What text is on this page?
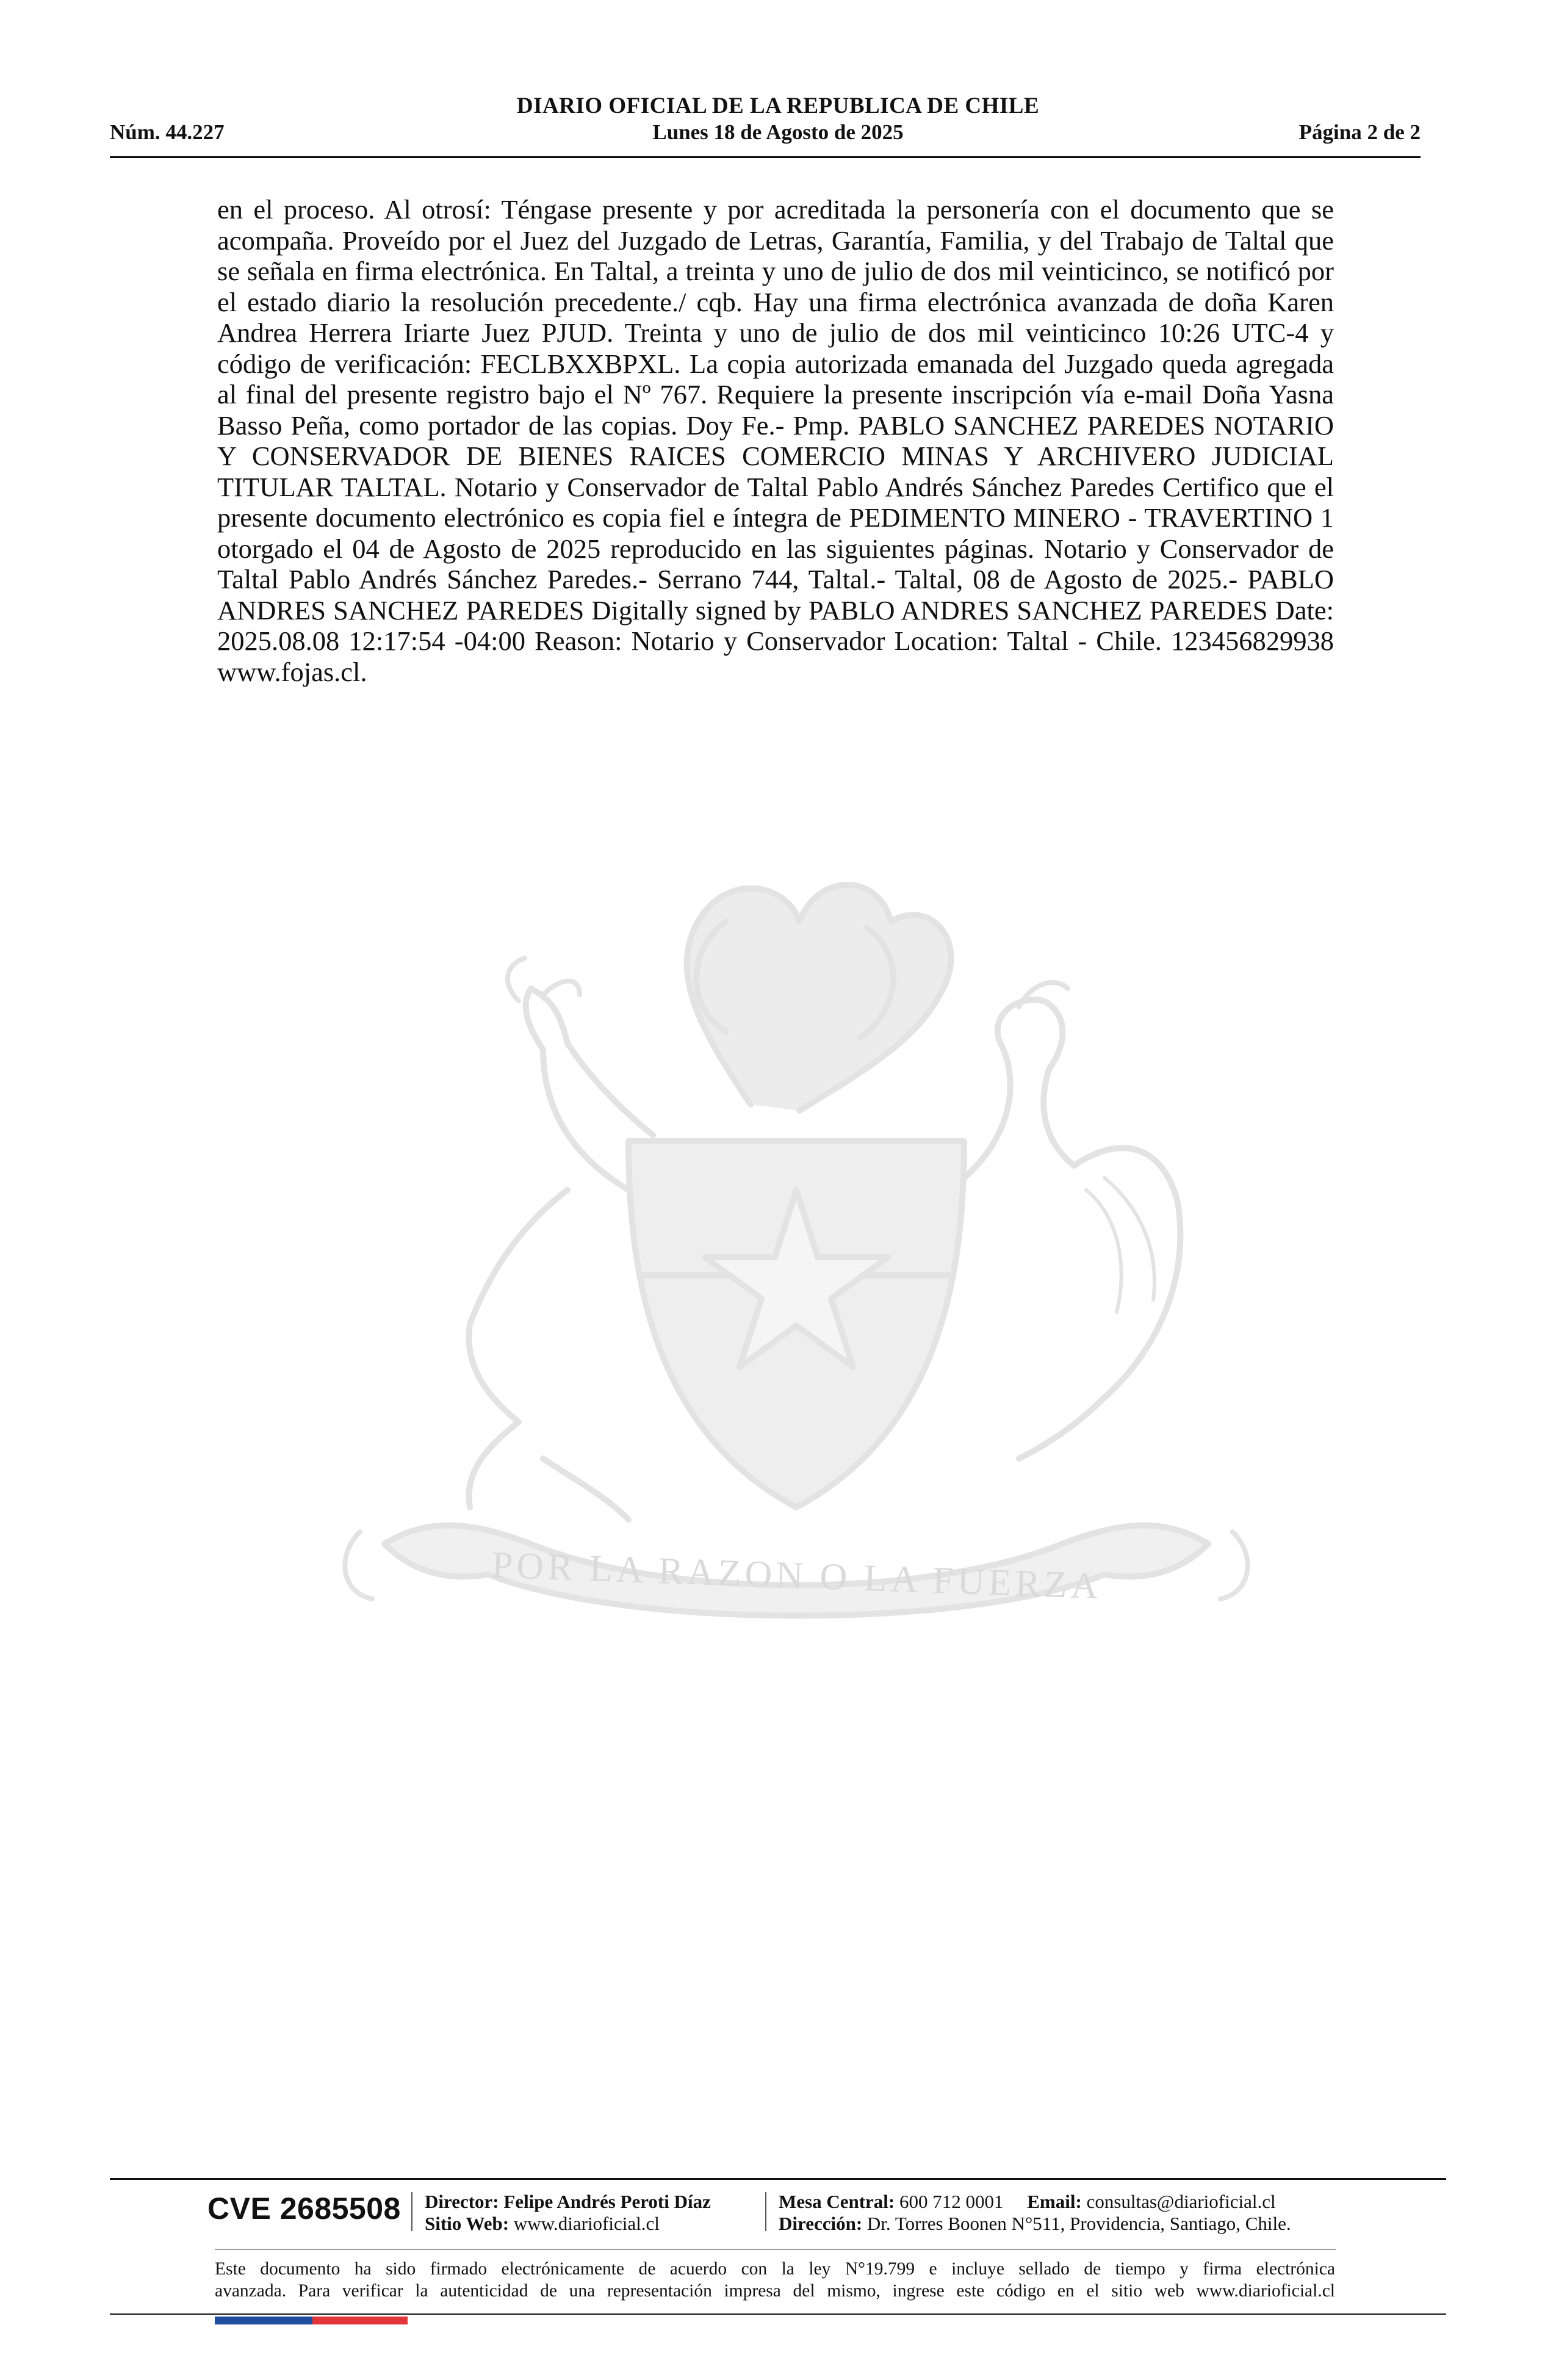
DIARIO OFICIAL DE LA REPUBLICA DE CHILE
Núm. 44.227	Lunes 18 de Agosto de 2025	Página 2 de 2
POR LA RAZON O LA FUERZA
en el proceso. Al otrosí: Téngase presente y por acreditada la personería con el documento que se acompaña. Proveído por el Juez del Juzgado de Letras, Garantía, Familia, y del Trabajo de Taltal que se señala en firma electrónica. En Taltal, a treinta y uno de julio de dos mil veinticinco, se notificó por el estado diario la resolución precedente./ cqb. Hay una firma electrónica avanzada de doña Karen Andrea Herrera Iriarte Juez PJUD. Treinta y uno de julio de dos mil veinticinco 10:26 UTC-4 y código de verificación: FECLBXXBPXL. La copia autorizada emanada del Juzgado queda agregada al final del presente registro bajo el Nº 767. Requiere la presente inscripción vía e-mail Doña Yasna Basso Peña, como portador de las copias. Doy Fe.- Pmp. PABLO SANCHEZ PAREDES NOTARIO Y CONSERVADOR DE BIENES RAICES COMERCIO MINAS Y ARCHIVERO JUDICIAL TITULAR TALTAL. Notario y Conservador de Taltal Pablo Andrés Sánchez Paredes Certifico que el presente documento electrónico es copia fiel e íntegra de PEDIMENTO MINERO - TRAVERTINO 1 otorgado el 04 de Agosto de 2025 reproducido en las siguientes páginas. Notario y Conservador de Taltal Pablo Andrés Sánchez Paredes.- Serrano 744, Taltal.- Taltal, 08 de Agosto de 2025.- PABLO ANDRES SANCHEZ PAREDES Digitally signed by PABLO ANDRES SANCHEZ PAREDES Date: 2025.08.08 12:17:54 -04:00 Reason: Notario y Conservador Location: Taltal - Chile. 123456829938 www.fojas.cl.
CVE 2685508 Director: Felipe Andrés Peroti Díaz
Sitio Web: www.diarioficial.cl
Mesa Central: 600 712 0001 Email: consultas@diarioficial.cl
Dirección: Dr. Torres Boonen N°511, Providencia, Santiago, Chile.
Este documento ha sido firmado electrónicamente de acuerdo con la ley N°19.799 e incluye sellado de tiempo y firma electrónica
avanzada. Para verificar la autenticidad de una representación impresa del mismo, ingrese este código en el sitio web www.diarioficial.cl
